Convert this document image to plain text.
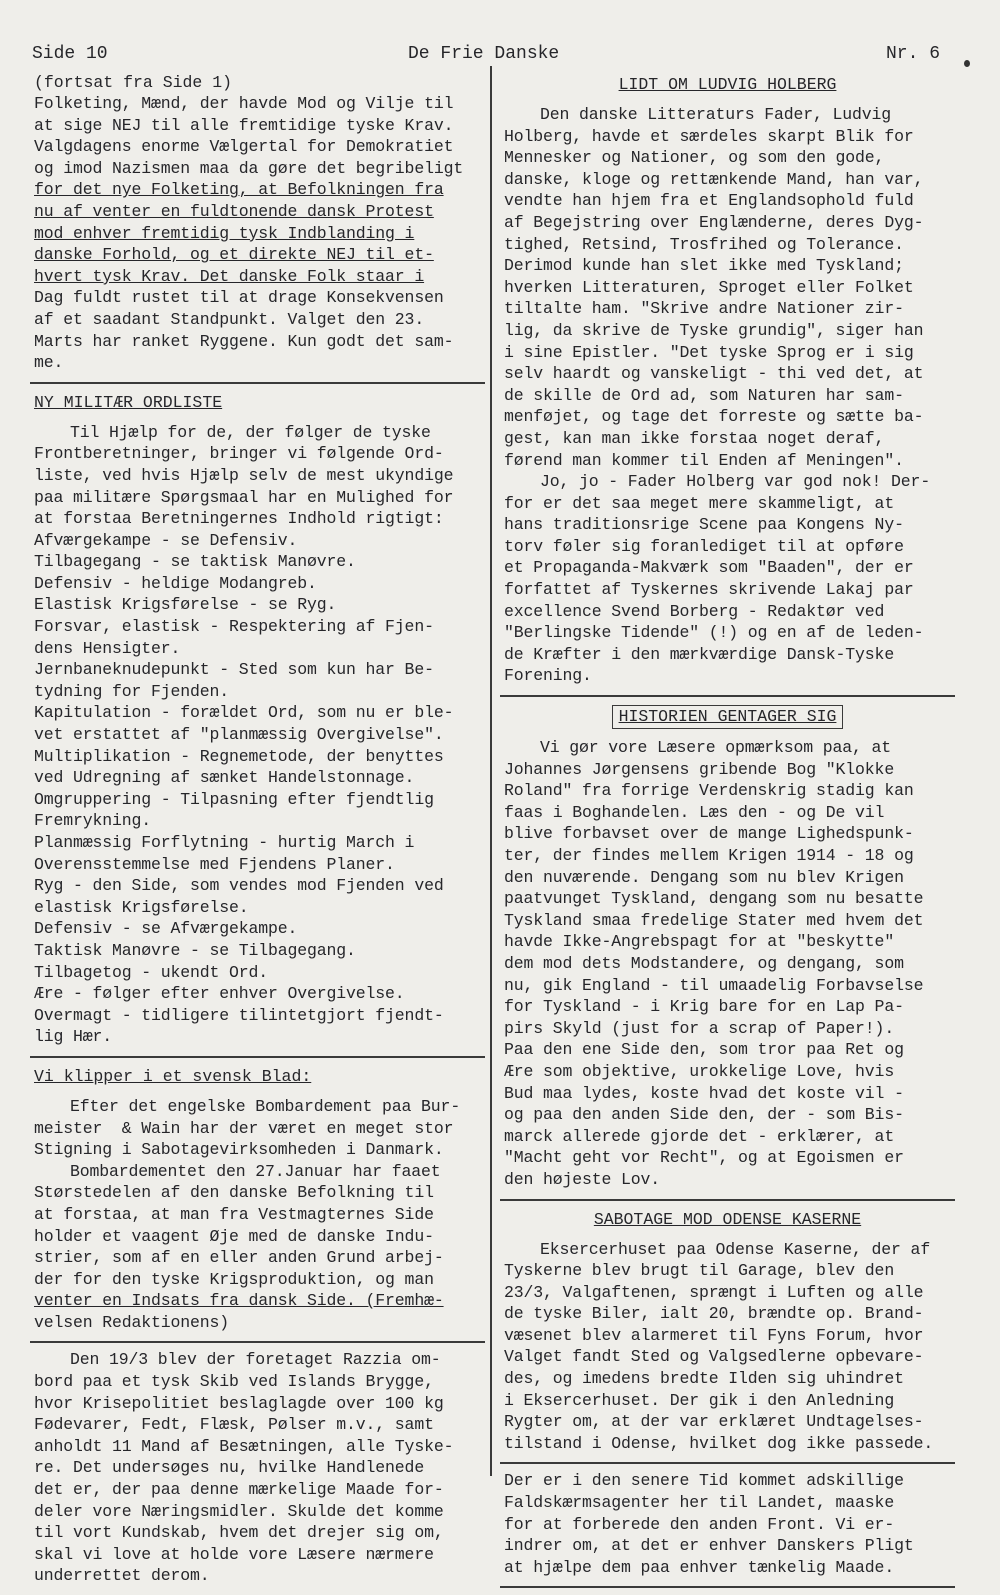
Side 10	De Frie Danske	Nr. 6

(fortsat fra Side 1)

Folketing, Mænd, der havde Mod og Vilje til

at sige NEJ til alle fremtidige tyske Krav.

Valgdagens enorme Vælgertal for Demokratiet

og imod Nazismen maa da gøre det begribeligt

for det nye Folketing, at Befolkningen fra

nu af venter en fuldtonende dansk Protest

mod enhver fremtidig tysk Indblanding i

danske Forhold, og et direkte NEJ til et-

hvert tysk Krav. Det danske Folk staar i

Dag fuldt rustet til at drage Konsekvensen

af et saadant Standpunkt. Valget den 23.

Marts har ranket Ryggene. Kun godt det sam-

me.

NY MILITÆR ORDLISTE

Til Hjælp for de, der følger de tyske

Frontberetninger, bringer vi følgende Ord-

liste, ved hvis Hjælp selv de mest ukyndige

paa militære Spørgsmaal har en Mulighed for

at forstaa Beretningernes Indhold rigtigt:

Afværgekampe - se Defensiv.

Tilbagegang - se taktisk Manøvre.

Defensiv - heldige Modangreb.

Elastisk Krigsførelse - se Ryg.

Forsvar, elastisk - Respektering af Fjen-

dens Hensigter.

Jernbaneknudepunkt - Sted som kun har Be-

tydning for Fjenden.

Kapitulation - forældet Ord, som nu er ble-

vet erstattet af "planmæssig Overgivelse".

Multiplikation - Regnemetode, der benyttes

ved Udregning af sænket Handelstonnage.

Omgruppering - Tilpasning efter fjendtlig

Fremrykning.

Planmæssig Forflytning - hurtig March i

Overensstemmelse med Fjendens Planer.

Ryg - den Side, som vendes mod Fjenden ved

elastisk Krigsførelse.

Defensiv - se Afværgekampe.

Taktisk Manøvre - se Tilbagegang.

Tilbagetog - ukendt Ord.

Ære - følger efter enhver Overgivelse.

Overmagt - tidligere tilintetgjort fjendt-

lig Hær.

Vi klipper i et svensk Blad:

Efter det engelske Bombardement paa Bur-

meister  & Wain har der været en meget stor

Stigning i Sabotagevirksomheden i Danmark.

Bombardementet den 27.Januar har faaet

Størstedelen af den danske Befolkning til

at forstaa, at man fra Vestmagternes Side

holder et vaagent Øje med de danske Indu-

strier, som af en eller anden Grund arbej-

der for den tyske Krigsproduktion, og man

venter en Indsats fra dansk Side. (Fremhæ-

velsen Redaktionens)

Den 19/3 blev der foretaget Razzia om-

bord paa et tysk Skib ved Islands Brygge,

hvor Krisepolitiet beslaglagde over 100 kg

Fødevarer, Fedt, Flæsk, Pølser m.v., samt

anholdt 11 Mand af Besætningen, alle Tyske-

re. Det undersøges nu, hvilke Handlenede

det er, der paa denne mærkelige Maade for-

deler vore Næringsmidler. Skulde det komme

til vort Kundskab, hvem det drejer sig om,

skal vi love at holde vore Læsere nærmere

underrettet derom.

LIDT OM LUDVIG HOLBERG

Den danske Litteraturs Fader, Ludvig

Holberg, havde et særdeles skarpt Blik for

Mennesker og Nationer, og som den gode,

danske, kloge og rettænkende Mand, han var,

vendte han hjem fra et Englandsophold fuld

af Begejstring over Englænderne, deres Dyg-

tighed, Retsind, Trosfrihed og Tolerance.

Derimod kunde han slet ikke med Tyskland;

hverken Litteraturen, Sproget eller Folket

tiltalte ham. "Skrive andre Nationer zir-

lig, da skrive de Tyske grundig", siger han

i sine Epistler. "Det tyske Sprog er i sig

selv haardt og vanskeligt - thi ved det, at

de skille de Ord ad, som Naturen har sam-

menføjet, og tage det forreste og sætte ba-

gest, kan man ikke forstaa noget deraf,

førend man kommer til Enden af Meningen".

Jo, jo - Fader Holberg var god nok! Der-

for er det saa meget mere skammeligt, at

hans traditionsrige Scene paa Kongens Ny-

torv føler sig foranlediget til at opføre

et Propaganda-Makværk som "Baaden", der er

forfattet af Tyskernes skrivende Lakaj par

excellence Svend Borberg - Redaktør ved

"Berlingske Tidende" (!) og en af de leden-

de Kræfter i den mærkværdige Dansk-Tyske

Forening.

HISTORIEN GENTAGER SIG

Vi gør vore Læsere opmærksom paa, at

Johannes Jørgensens gribende Bog "Klokke

Roland" fra forrige Verdenskrig stadig kan

faas i Boghandelen. Læs den - og De vil

blive forbavset over de mange Lighedspunk-

ter, der findes mellem Krigen 1914 - 18 og

den nuværende. Dengang som nu blev Krigen

paatvunget Tyskland, dengang som nu besatte

Tyskland smaa fredelige Stater med hvem det

havde Ikke-Angrebspagt for at "beskytte"

dem mod dets Modstandere, og dengang, som

nu, gik England - til umaadelig Forbavselse

for Tyskland - i Krig bare for en Lap Pa-

pirs Skyld (just for a scrap of Paper!).

Paa den ene Side den, som tror paa Ret og

Ære som objektive, urokkelige Love, hvis

Bud maa lydes, koste hvad det koste vil -

og paa den anden Side den, der - som Bis-

marck allerede gjorde det - erklærer, at

"Macht geht vor Recht", og at Egoismen er

den højeste Lov.

SABOTAGE MOD ODENSE KASERNE

Eksercerhuset paa Odense Kaserne, der af

Tyskerne blev brugt til Garage, blev den

23/3, Valgaftenen, sprængt i Luften og alle

de tyske Biler, ialt 20, brændte op. Brand-

væsenet blev alarmeret til Fyns Forum, hvor

Valget fandt Sted og Valgsedlerne opbevare-

des, og imedens bredte Ilden sig uhindret

i Eksercerhuset. Der gik i den Anledning

Rygter om, at der var erklæret Undtagelses-

tilstand i Odense, hvilket dog ikke passede.

Der er i den senere Tid kommet adskillige

Faldskærmsagenter her til Landet, maaske

for at forberede den anden Front. Vi er-

indrer om, at det er enhver Danskers Pligt

at hjælpe dem paa enhver tænkelig Maade.
